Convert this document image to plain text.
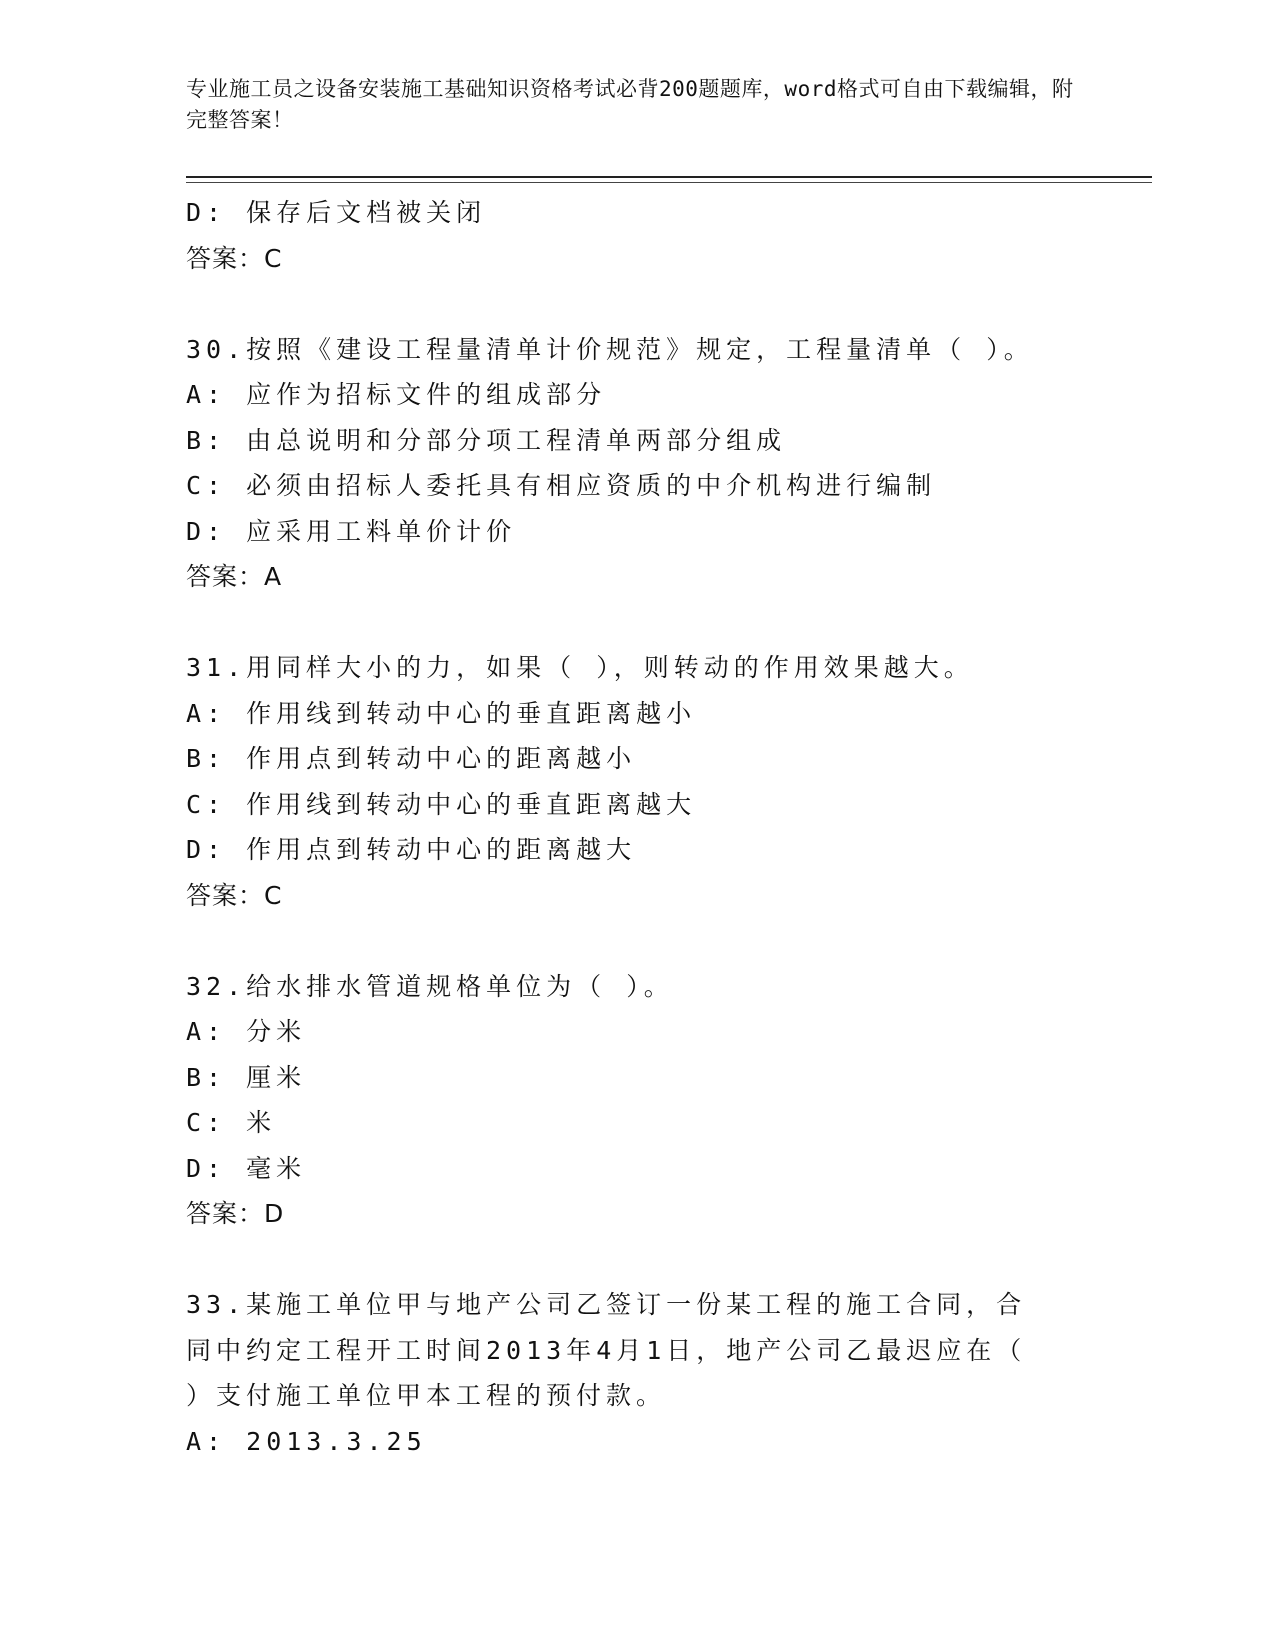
专业施工员之设备安装施工基础知识资格考试必背200题题库，word格式可自由下载编辑，附完整答案！

D: 保存后文档被关闭

答案：C

30.按照《建设工程量清单计价规范》规定，工程量清单（ ）。

A: 应作为招标文件的组成部分

B: 由总说明和分部分项工程清单两部分组成

C: 必须由招标人委托具有相应资质的中介机构进行编制

D: 应采用工料单价计价

答案：A

31.用同样大小的力，如果（ ），则转动的作用效果越大。

A: 作用线到转动中心的垂直距离越小

B: 作用点到转动中心的距离越小

C: 作用线到转动中心的垂直距离越大

D: 作用点到转动中心的距离越大

答案：C

32.给水排水管道规格单位为（ ）。

A: 分米

B: 厘米

C: 米

D: 毫米

答案：D

33.某施工单位甲与地产公司乙签订一份某工程的施工合同，合同中约定工程开工时间2013年4月1日，地产公司乙最迟应在（ ）支付施工单位甲本工程的预付款。

A: 2013.3.25
